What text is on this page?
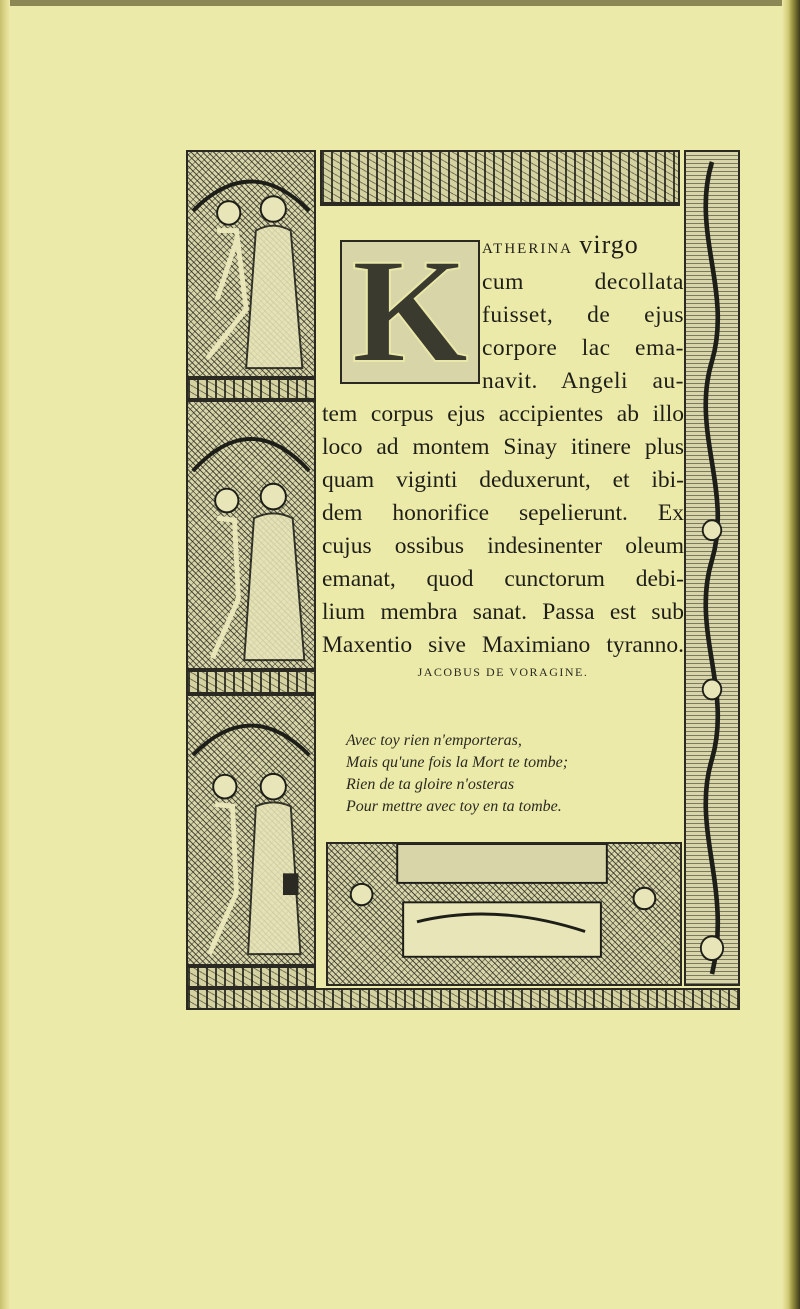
K ATHERINA virgo
cum decollata
fuisset, de ejus
corpore lac ema-
navit. Angeli au-
tem corpus ejus accipientes ab illo
loco ad montem Sinay itinere plus
quam viginti deduxerunt, et ibi-
dem honorifice sepelierunt. Ex
cujus ossibus indesinenter oleum
emanat, quod cunctorum debi-
lium membra sanat. Passa est sub
Maxentio sive Maximiano tyranno.
JACOBUS DE VORAGINE.
Avec toy rien n'emporteras,
Mais qu'une fois la Mort te tombe;
Rien de ta gloire n'osteras
Pour mettre avec toy en ta tombe.
